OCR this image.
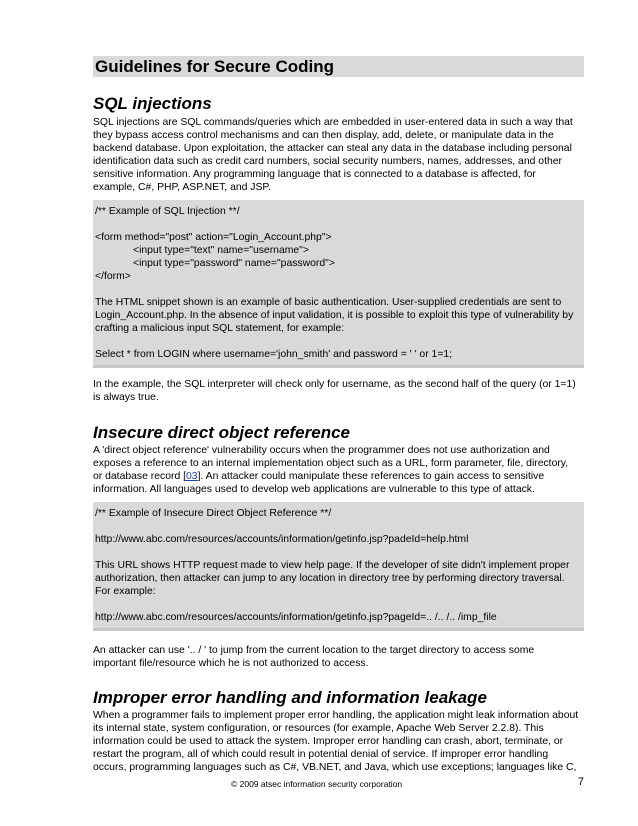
Guidelines for Secure Coding
SQL injections

SQL injections are SQL commands/queries which are embedded in user-entered data in such a way that

they bypass access control mechanisms and can then display, add, delete, or manipulate data in the

backend database. Upon exploitation, the attacker can steal any data in the database including personal

identification data such as credit card numbers, social security numbers, names, addresses, and other

sensitive information. Any programming language that is connected to a database is affected, for

example, C#, PHP, ASP.NET, and JSP.

/** Example of SQL Injection **/
<form method="post" action="Login_Account.php">
<input type="text" name="username">
<input type="password" name="password">
</form>

The HTML snippet shown is an example of basic authentication. User-supplied credentials are sent to

Login_Account.php. In the absence of input validation, it is possible to exploit this type of vulnerability by

crafting a malicious input SQL statement, for example:

Select * from LOGIN where username='john_smith' and password = ' ' or 1=1;

In the example, the SQL interpreter will check only for username, as the second half of the query (or 1=1)

is always true.

Insecure direct object reference

A 'direct object reference' vulnerability occurs when the programmer does not use authorization and

exposes a reference to an internal implementation object such as a URL, form parameter, file, directory,

or database record [03]. An attacker could manipulate these references to gain access to sensitive

information. All languages used to develop web applications are vulnerable to this type of attack.

/** Example of Insecure Direct Object Reference **/
http://www.abc.com/resources/accounts/information/getinfo.jsp?padeId=help.html

This URL shows HTTP request made to view help page. If the developer of site didn't implement proper

authorization, then attacker can jump to any location in directory tree by performing directory traversal.

For example:

http://www.abc.com/resources/accounts/information/getinfo.jsp?pageId=.. /.. /.. /imp_file

An attacker can use '.. / ' to jump from the current location to the target directory to access some

important file/resource which he is not authorized to access.

Improper error handling and information leakage

When a programmer fails to implement proper error handling, the application might leak information about

its internal state, system configuration, or resources (for example, Apache Web Server 2.2.8). This

information could be used to attack the system. Improper error handling can crash, abort, terminate, or

restart the program, all of which could result in potential denial of service. If improper error handling

occurs, programming languages such as C#, VB.NET, and Java, which use exceptions; languages like C,

© 2009 atsec information security corporation	7
